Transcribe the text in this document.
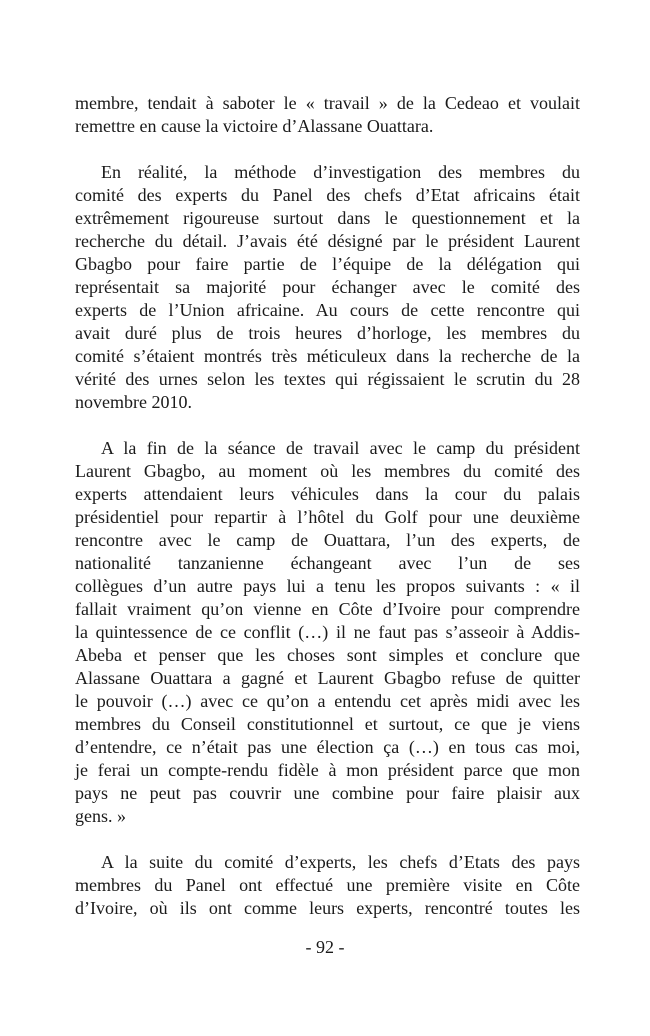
membre, tendait à saboter le « travail » de la Cedeao et voulait
remettre en cause la victoire d’Alassane Ouattara.
En réalité, la méthode d’investigation des membres du
comité des experts du Panel des chefs d’Etat africains était
extrêmement rigoureuse surtout dans le questionnement et la
recherche du détail. J’avais été désigné par le président Laurent
Gbagbo pour faire partie de l’équipe de la délégation qui
représentait sa majorité pour échanger avec le comité des
experts de l’Union africaine. Au cours de cette rencontre qui
avait duré plus de trois heures d’horloge, les membres du
comité s’étaient montrés très méticuleux dans la recherche de la
vérité des urnes selon les textes qui régissaient le scrutin du 28
novembre 2010.
A la fin de la séance de travail avec le camp du président
Laurent Gbagbo, au moment où les membres du comité des
experts attendaient leurs véhicules dans la cour du palais
présidentiel pour repartir à l’hôtel du Golf pour une deuxième
rencontre avec le camp de Ouattara, l’un des experts, de
nationalité tanzanienne échangeant avec l’un de ses
collègues d’un autre pays lui a tenu les propos suivants : « il
fallait vraiment qu’on vienne en Côte d’Ivoire pour comprendre
la quintessence de ce conflit (…) il ne faut pas s’asseoir à Addis-
Abeba et penser que les choses sont simples et conclure que
Alassane Ouattara a gagné et Laurent Gbagbo refuse de quitter
le pouvoir (…) avec ce qu’on a entendu cet après midi avec les
membres du Conseil constitutionnel et surtout, ce que je viens
d’entendre, ce n’était pas une élection ça (…) en tous cas moi,
je ferai un compte-rendu fidèle à mon président parce que mon
pays ne peut pas couvrir une combine pour faire plaisir aux
gens. »
A la suite du comité d’experts, les chefs d’Etats des pays
membres du Panel ont effectué une première visite en Côte
d’Ivoire, où ils ont comme leurs experts, rencontré toutes les
- 92 -
